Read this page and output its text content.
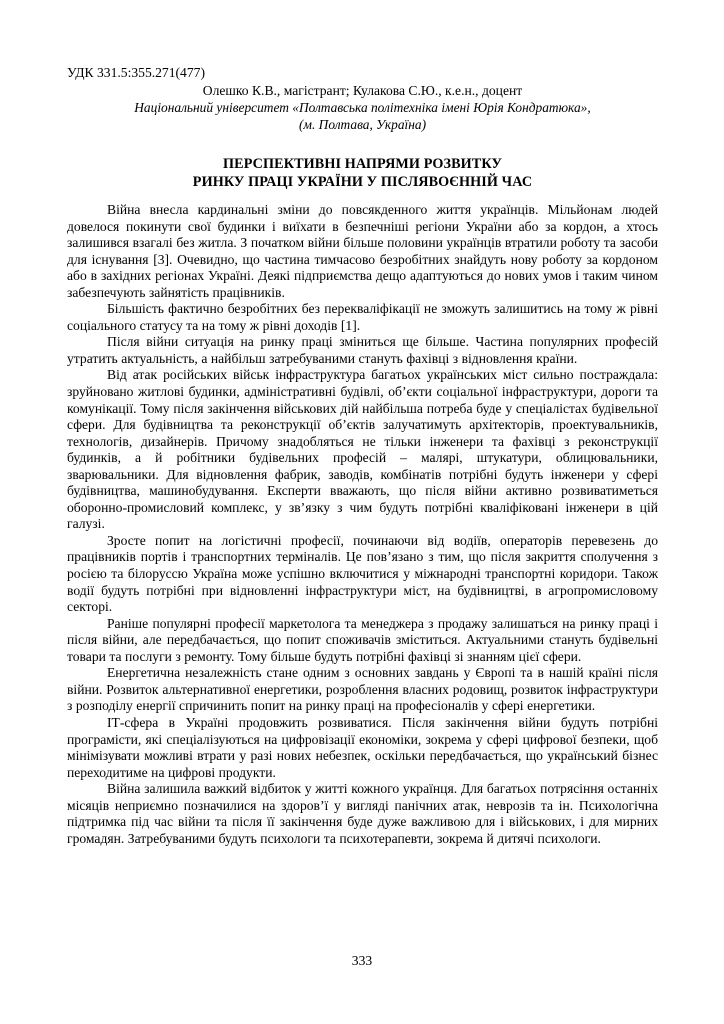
УДК 331.5:355.271(477)
Олешко К.В., магістрант; Кулакова С.Ю., к.е.н., доцент
Національний університет «Полтавська політехніка імені Юрія Кондратюка»,
(м. Полтава, Україна)
ПЕРСПЕКТИВНІ НАПРЯМИ РОЗВИТКУ
РИНКУ ПРАЦІ УКРАЇНИ У ПІСЛЯВОЄННІЙ ЧАС

Війна внесла кардинальні зміни до повсякденного життя українців. Мільйонам людей довелося покинути свої будинки і виїхати в безпечніші регіони України або за кордон, а хтось залишився взагалі без житла. З початком війни більше половини українців втратили роботу та засоби для існування [3]. Очевидно, що частина тимчасово безробітних знайдуть нову роботу за кордоном або в західних регіонах Україні. Деякі підприємства дещо адаптуються до нових умов і таким чином забезпечують зайнятість працівників.

Більшість фактично безробітних без перекваліфікації не зможуть залишитись на тому ж рівні соціального статусу та на тому ж рівні доходів [1].

Після війни ситуація на ринку праці зміниться ще більше. Частина популярних професій утратить актуальність, а найбільш затребуваними стануть фахівці з відновлення країни.

Від атак російських військ інфраструктура багатьох українських міст сильно постраждала: зруйновано житлові будинки, адміністративні будівлі, об’єкти соціальної інфраструктури, дороги та комунікації. Тому після закінчення військових дій найбільша потреба буде у спеціалістах будівельної сфери. Для будівництва та реконструкції об’єктів залучатимуть архітекторів, проектувальників, технологів, дизайнерів. Причому знадобляться не тільки інженери та фахівці з реконструкції будинків, а й робітники будівельних професій – малярі, штукатури, облицювальники, зварювальники. Для відновлення фабрик, заводів, комбінатів потрібні будуть інженери у сфері будівництва, машинобудування. Експерти вважають, що після війни активно розвиватиметься оборонно-промисловий комплекс, у зв’язку з чим будуть потрібні кваліфіковані інженери в цій галузі.

Зросте попит на логістичні професії, починаючи від водіїв, операторів перевезень до працівників портів і транспортних терміналів. Це пов’язано з тим, що після закриття сполучення з росією та білоруссю Україна може успішно включитися у міжнародні транспортні коридори. Також водії будуть потрібні при відновленні інфраструктури міст, на будівництві, в агропромисловому секторі.

Раніше популярні професії маркетолога та менеджера з продажу залишаться на ринку праці і після війни, але передбачається, що попит споживачів зміститься. Актуальними стануть будівельні товари та послуги з ремонту. Тому більше будуть потрібні фахівці зі знанням цієї сфери.

Енергетична незалежність стане одним з основних завдань у Європі та в нашій країні після війни. Розвиток альтернативної енергетики, розроблення власних родовищ, розвиток інфраструктури з розподілу енергії спричинить попит на ринку праці на професіоналів у сфері енергетики.

ІТ-сфера в Україні продовжить розвиватися. Після закінчення війни будуть потрібні програмісти, які спеціалізуються на цифровізації економіки, зокрема у сфері цифрової безпеки, щоб мінімізувати можливі втрати у разі нових небезпек, оскільки передбачається, що український бізнес переходитиме на цифрові продукти.

Війна залишила важкий відбиток у житті кожного українця. Для багатьох потрясіння останніх місяців неприємно позначилися на здоров’ї у вигляді панічних атак, неврозів та ін. Психологічна підтримка під час війни та після її закінчення буде дуже важливою для і військових, і для мирних громадян. Затребуваними будуть психологи та психотерапевти, зокрема й дитячі психологи.

333
